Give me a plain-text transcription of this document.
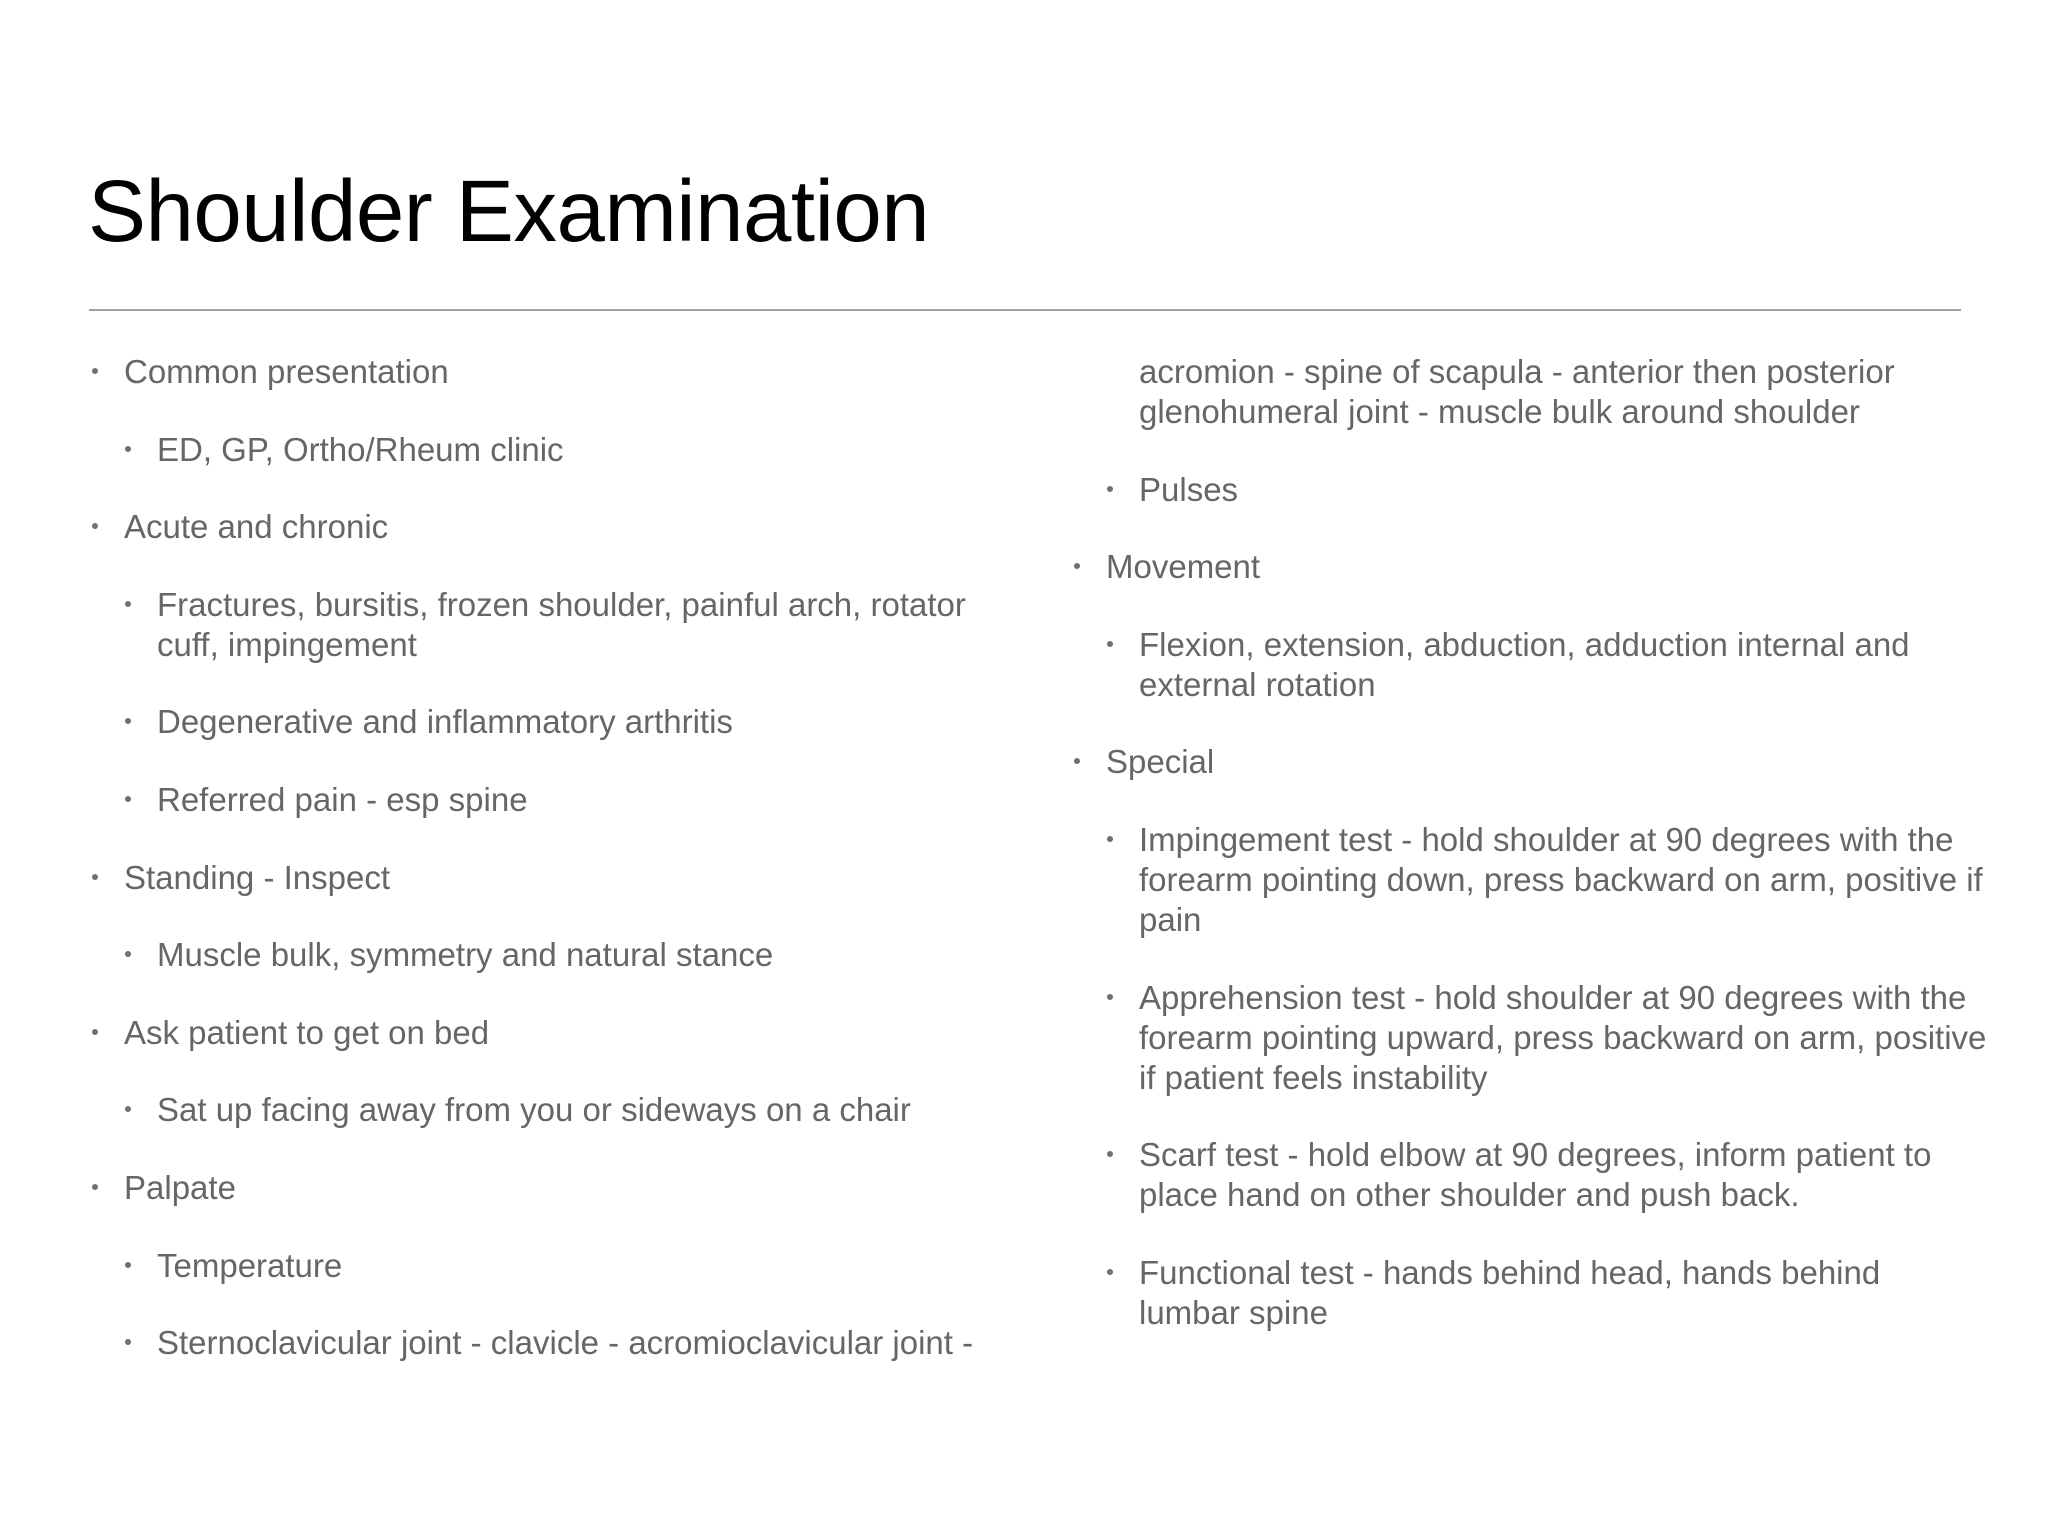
Shoulder Examination
Common presentation
ED, GP, Ortho/Rheum clinic
Acute and chronic
Fractures, bursitis, frozen shoulder, painful arch, rotator cuff, impingement
Degenerative and inflammatory arthritis
Referred pain - esp spine
Standing - Inspect
Muscle bulk, symmetry and natural stance
Ask patient to get on bed
Sat up facing away from you or sideways on a chair
Palpate
Temperature
Sternoclavicular joint - clavicle - acromioclavicular joint -
acromion - spine of scapula - anterior then posterior glenohumeral joint - muscle bulk around shoulder
Pulses
Movement
Flexion, extension, abduction, adduction internal and external rotation
Special
Impingement test - hold shoulder at 90 degrees with the forearm pointing down, press backward on arm, positive if pain
Apprehension test - hold shoulder at 90 degrees with the forearm pointing upward, press backward on arm, positive if patient feels instability
Scarf test - hold elbow at 90 degrees, inform patient to place hand on other shoulder and push back.
Functional test - hands behind head, hands behind lumbar spine
